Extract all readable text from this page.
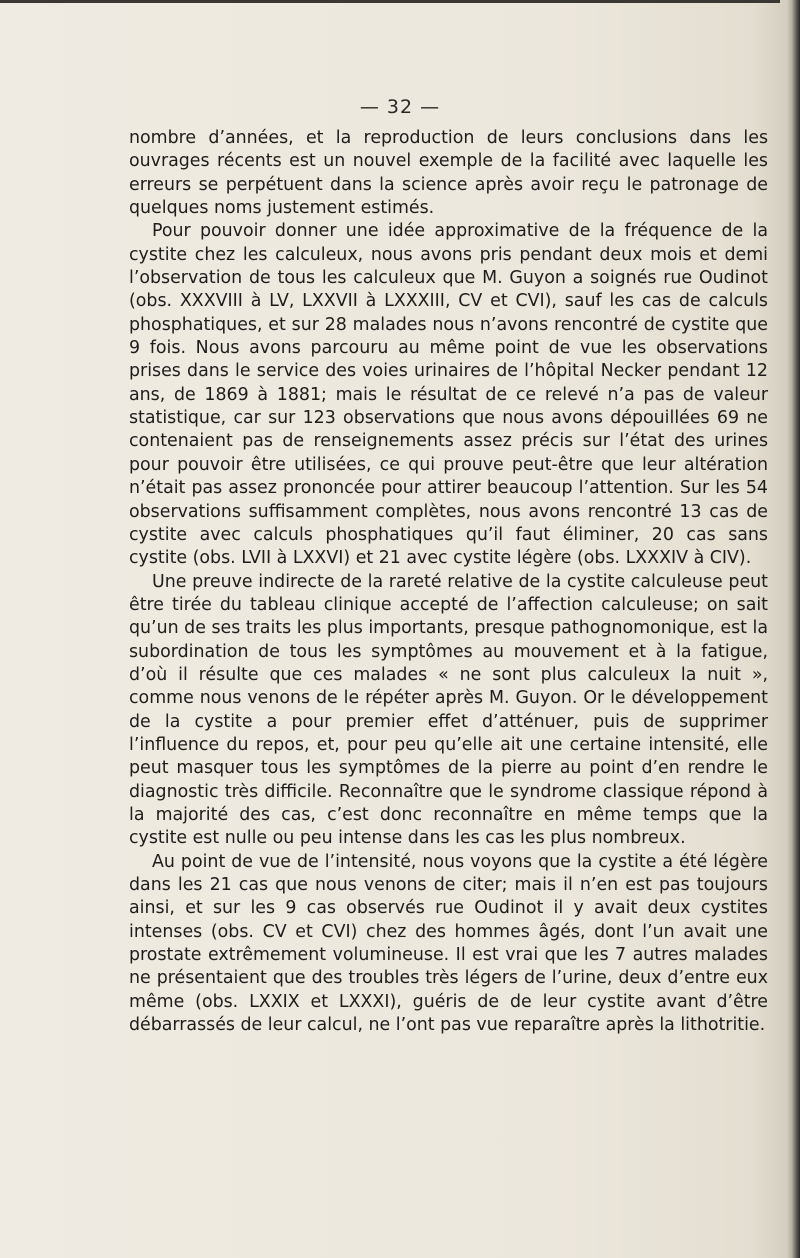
— 32 —

nombre d’années, et la reproduction de leurs conclusions dans les ouvrages récents est un nouvel exemple de la facilité avec laquelle les erreurs se perpétuent dans la science après avoir reçu le patronage de quelques noms justement estimés.

Pour pouvoir donner une idée approximative de la fréquence de la cystite chez les calculeux, nous avons pris pendant deux mois et demi l’observation de tous les calculeux que M. Guyon a soignés rue Oudinot (obs. XXXVIII à LV, LXXVII à LXXXIII, CV et CVI), sauf les cas de calculs phosphatiques, et sur 28 malades nous n’avons rencontré de cystite que 9 fois. Nous avons parcouru au même point de vue les observations prises dans le service des voies urinaires de l’hôpital Necker pendant 12 ans, de 1869 à 1881; mais le résultat de ce relevé n’a pas de valeur statistique, car sur 123 observations que nous avons dépouillées 69 ne contenaient pas de renseignements assez précis sur l’état des urines pour pouvoir être utilisées, ce qui prouve peut-être que leur altération n’était pas assez prononcée pour attirer beaucoup l’attention. Sur les 54 observations suffisamment complètes, nous avons rencontré 13 cas de cystite avec calculs phosphatiques qu’il faut éliminer, 20 cas sans cystite (obs. LVII à LXXVI) et 21 avec cystite légère (obs. LXXXIV à CIV).

Une preuve indirecte de la rareté relative de la cystite calculeuse peut être tirée du tableau clinique accepté de l’affection calculeuse; on sait qu’un de ses traits les plus importants, presque pathognomonique, est la subordination de tous les symptômes au mouvement et à la fatigue, d’où il résulte que ces malades « ne sont plus calculeux la nuit », comme nous venons de le répéter après M. Guyon. Or le développement de la cystite a pour premier effet d’atténuer, puis de supprimer l’influence du repos, et, pour peu qu’elle ait une certaine intensité, elle peut masquer tous les symptômes de la pierre au point d’en rendre le diagnostic très difficile. Reconnaître que le syndrome classique répond à la majorité des cas, c’est donc reconnaître en même temps que la cystite est nulle ou peu intense dans les cas les plus nombreux.

Au point de vue de l’intensité, nous voyons que la cystite a été légère dans les 21 cas que nous venons de citer; mais il n’en est pas toujours ainsi, et sur les 9 cas observés rue Oudinot il y avait deux cystites intenses (obs. CV et CVI) chez des hommes âgés, dont l’un avait une prostate extrêmement volumineuse. Il est vrai que les 7 autres malades ne présentaient que des troubles très légers de l’urine, deux d’entre eux même (obs. LXXIX et LXXXI), guéris de de leur cystite avant d’être débarrassés de leur calcul, ne l’ont pas vue reparaître après la lithotritie.
